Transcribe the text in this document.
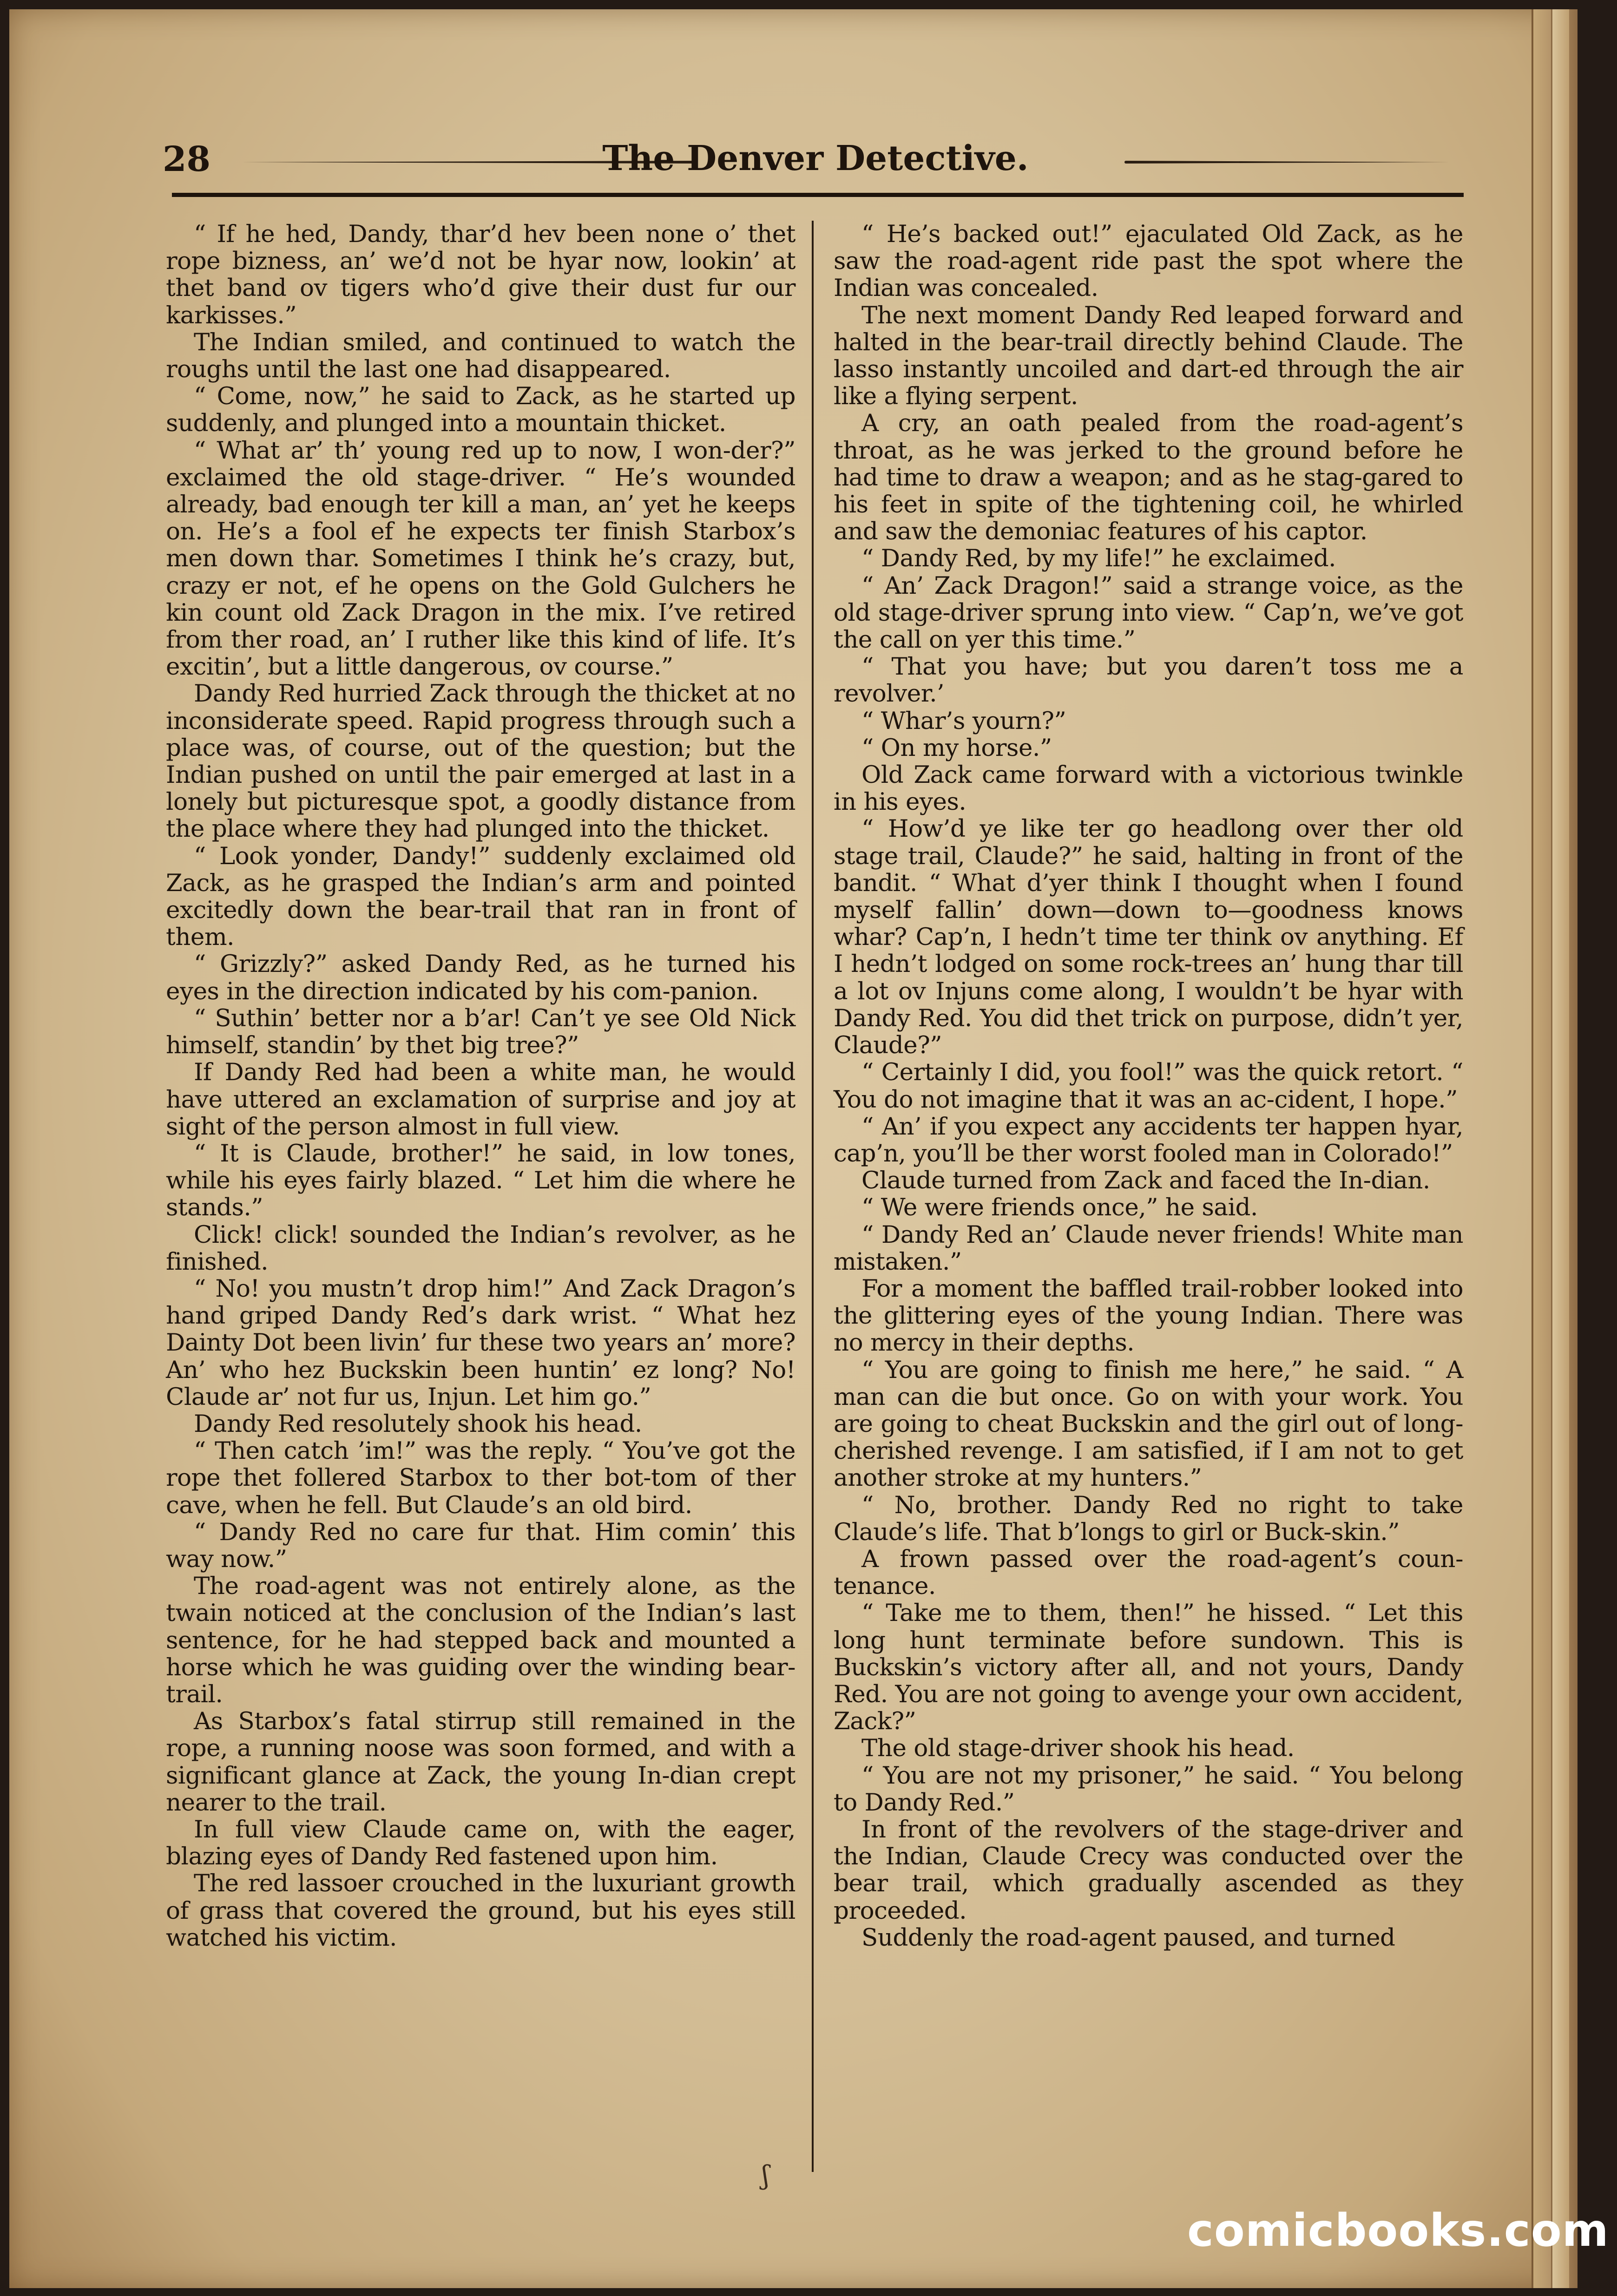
28	The Denver Detective.

“ If he hed, Dandy, thar’d hev been none o’ thet rope bizness, an’ we’d not be hyar now, lookin’ at thet band ov tigers who’d give their dust fur our karkisses.”

The Indian smiled, and continued to watch the roughs until the last one had disappeared.

“ Come, now,” he said to Zack, as he started up suddenly, and plunged into a mountain thicket.

“ What ar’ th’ young red up to now, I won-der?” exclaimed the old stage-driver. “ He’s wounded already, bad enough ter kill a man, an’ yet he keeps on. He’s a fool ef he expects ter finish Starbox’s men down thar. Sometimes I think he’s crazy, but, crazy er not, ef he opens on the Gold Gulchers he kin count old Zack Dragon in the mix. I’ve retired from ther road, an’ I ruther like this kind of life. It’s excitin’, but a little dangerous, ov course.”

Dandy Red hurried Zack through the thicket at no inconsiderate speed. Rapid progress through such a place was, of course, out of the question; but the Indian pushed on until the pair emerged at last in a lonely but picturesque spot, a goodly distance from the place where they had plunged into the thicket.

“ Look yonder, Dandy!” suddenly exclaimed old Zack, as he grasped the Indian’s arm and pointed excitedly down the bear-trail that ran in front of them.

“ Grizzly?” asked Dandy Red, as he turned his eyes in the direction indicated by his com-panion.

“ Suthin’ better nor a b’ar! Can’t ye see Old Nick himself, standin’ by thet big tree?”

If Dandy Red had been a white man, he would have uttered an exclamation of surprise and joy at sight of the person almost in full view.

“ It is Claude, brother!” he said, in low tones, while his eyes fairly blazed. “ Let him die where he stands.”

Click! click! sounded the Indian’s revolver, as he finished.

“ No! you mustn’t drop him!” And Zack Dragon’s hand griped Dandy Red’s dark wrist. “ What hez Dainty Dot been livin’ fur these two years an’ more? An’ who hez Buckskin been huntin’ ez long? No! Claude ar’ not fur us, Injun. Let him go.”

Dandy Red resolutely shook his head.

“ Then catch ’im!” was the reply. “ You’ve got the rope thet follered Starbox to ther bot-tom of ther cave, when he fell. But Claude’s an old bird.

“ Dandy Red no care fur that. Him comin’ this way now.”

The road-agent was not entirely alone, as the twain noticed at the conclusion of the Indian’s last sentence, for he had stepped back and mounted a horse which he was guiding over the winding bear-trail.

As Starbox’s fatal stirrup still remained in the rope, a running noose was soon formed, and with a significant glance at Zack, the young In-dian crept nearer to the trail.

In full view Claude came on, with the eager, blazing eyes of Dandy Red fastened upon him.

The red lassoer crouched in the luxuriant growth of grass that covered the ground, but his eyes still watched his victim.

“ He’s backed out!” ejaculated Old Zack, as he saw the road-agent ride past the spot where the Indian was concealed.

The next moment Dandy Red leaped forward and halted in the bear-trail directly behind Claude. The lasso instantly uncoiled and dart-ed through the air like a flying serpent.

A cry, an oath pealed from the road-agent’s throat, as he was jerked to the ground before he had time to draw a weapon; and as he stag-gared to his feet in spite of the tightening coil, he whirled and saw the demoniac features of his captor.

“ Dandy Red, by my life!” he exclaimed.

“ An’ Zack Dragon!” said a strange voice, as the old stage-driver sprung into view. “ Cap’n, we’ve got the call on yer this time.”

“ That you have; but you daren’t toss me a revolver.’

“ Whar’s yourn?”

“ On my horse.”

Old Zack came forward with a victorious twinkle in his eyes.

“ How’d ye like ter go headlong over ther old stage trail, Claude?” he said, halting in front of the bandit. “ What d’yer think I thought when I found myself fallin’ down—down to—goodness knows whar? Cap’n, I hedn’t time ter think ov anything. Ef I hedn’t lodged on some rock-trees an’ hung thar till a lot ov Injuns come along, I wouldn’t be hyar with Dandy Red. You did thet trick on purpose, didn’t yer, Claude?”

“ Certainly I did, you fool!” was the quick retort. “ You do not imagine that it was an ac-cident, I hope.”

“ An’ if you expect any accidents ter happen hyar, cap’n, you’ll be ther worst fooled man in Colorado!”

Claude turned from Zack and faced the In-dian.

“ We were friends once,” he said.

“ Dandy Red an’ Claude never friends! White man mistaken.”

For a moment the baffled trail-robber looked into the glittering eyes of the young Indian. There was no mercy in their depths.

“ You are going to finish me here,” he said. “ A man can die but once. Go on with your work. You are going to cheat Buckskin and the girl out of long-cherished revenge. I am satisfied, if I am not to get another stroke at my hunters.”

“ No, brother. Dandy Red no right to take Claude’s life. That b’longs to girl or Buck-skin.”

A frown passed over the road-agent’s coun-tenance.

“ Take me to them, then!” he hissed. “ Let this long hunt terminate before sundown. This is Buckskin’s victory after all, and not yours, Dandy Red. You are not going to avenge your own accident, Zack?”

The old stage-driver shook his head.

“ You are not my prisoner,” he said. “ You belong to Dandy Red.”

In front of the revolvers of the stage-driver and the Indian, Claude Crecy was conducted over the bear trail, which gradually ascended as they proceeded.

Suddenly the road-agent paused, and turned

ʃ
comicbooks.com
